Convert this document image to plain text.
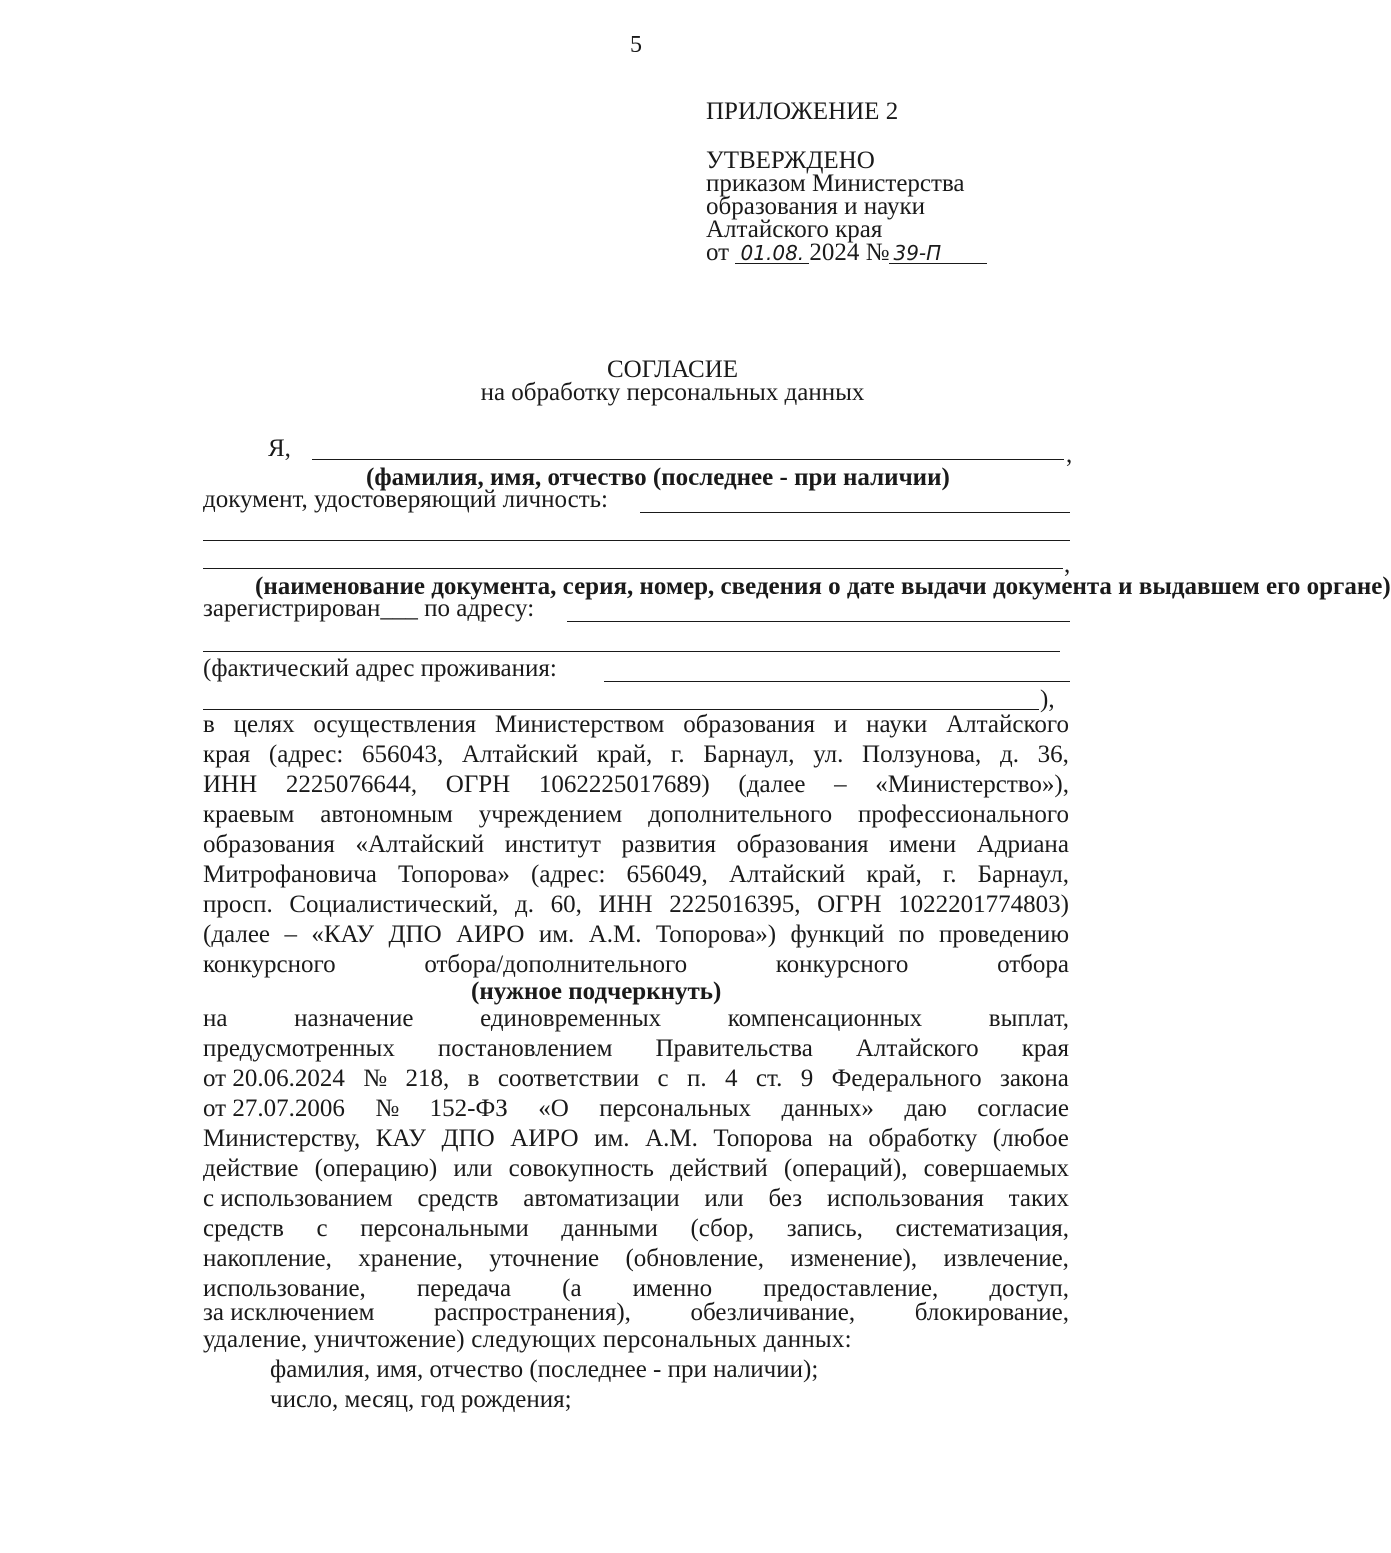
5
ПРИЛОЖЕНИЕ 2
УТВЕРЖДЕНО
приказом Министерства
образования и науки
Алтайского края
от 01.08. 2024 № 39-П
СОГЛАСИЕ
на обработку персональных данных
Я,	,
(фамилия, имя, отчество (последнее - при наличии)
документ, удостоверяющий личность:
,
(наименование документа, серия, номер, сведения о дате выдачи документа и выдавшем его органе)
зарегистрирован___ по адресу:
(фактический адрес проживания:
),
в целях осуществления Министерством образования и науки Алтайского
края (адрес: 656043, Алтайский край, г. Барнаул, ул. Ползунова, д. 36,
ИНН 2225076644, ОГРН 1062225017689) (далее – «Министерство»),
краевым автономным учреждением дополнительного профессионального
образования «Алтайский институт развития образования имени Адриана
Митрофановича Топорова» (адрес: 656049, Алтайский край, г. Барнаул,
просп. Социалистический, д. 60, ИНН 2225016395, ОГРН 1022201774803)
(далее – «КАУ ДПО АИРО им. А.М. Топорова») функций по проведению
конкурсного	отбора/дополнительного	конкурсного	отбора
на	назначение	единовременных	компенсационных	выплат,
предусмотренных постановлением Правительства Алтайского края
от 20.06.2024 № 218, в соответствии с п. 4 ст. 9 Федерального закона
от 27.07.2006 № 152-ФЗ «О персональных данных» даю согласие
Министерству, КАУ ДПО АИРО им. А.М. Топорова на обработку (любое
действие (операцию) или совокупность действий (операций), совершаемых
с использованием средств автоматизации или без использования таких
средств с персональными данными (сбор, запись, систематизация,
накопление, хранение, уточнение (обновление, изменение), извлечение,
использование, передача (а именно предоставление, доступ,
за исключением распространения), обезличивание, блокирование,
(нужное подчеркнуть)
удаление, уничтожение) следующих персональных данных:
фамилия, имя, отчество (последнее - при наличии);
число, месяц, год рождения;
